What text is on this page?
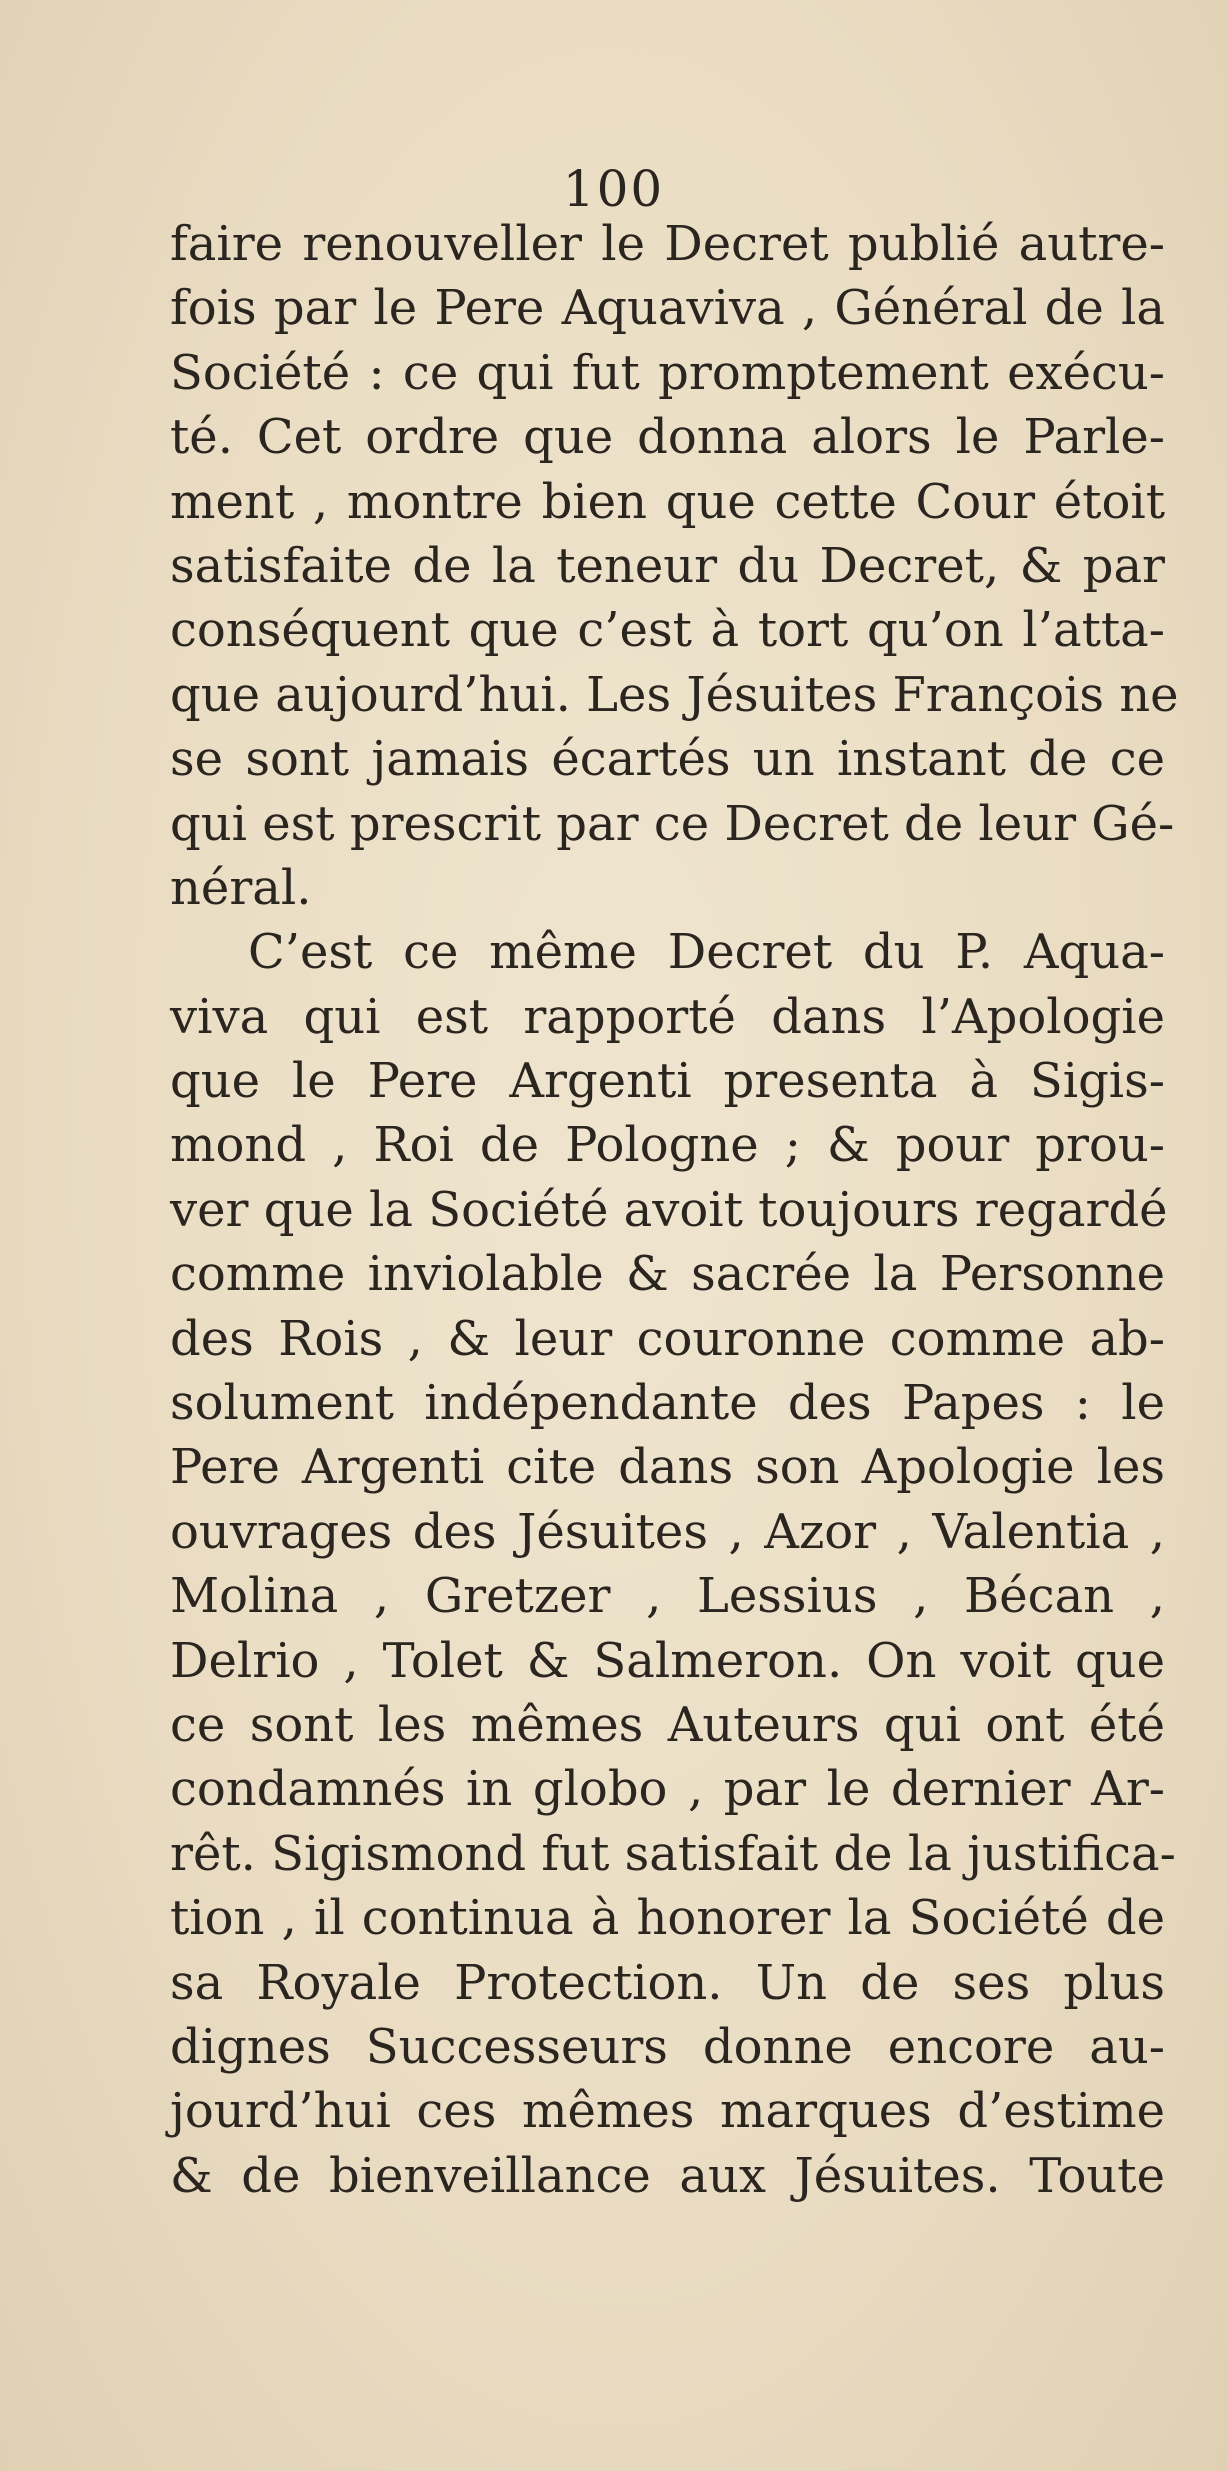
100
faire renouveller le Decret publié autre-
fois par le Pere Aquaviva , Général de la
Société : ce qui fut promptement exécu-
té. Cet ordre que donna alors le Parle-
ment , montre bien que cette Cour étoit
satisfaite de la teneur du Decret, & par
conséquent que c’est à tort qu’on l’atta-
que aujourd’hui. Les Jésuites François ne
se sont jamais écartés un instant de ce
qui est prescrit par ce Decret de leur Gé-
néral.
C’est ce même Decret du P. Aqua-
viva qui est rapporté dans l’Apologie
que le Pere Argenti presenta à Sigis-
mond , Roi de Pologne ; & pour prou-
ver que la Société avoit toujours regardé
comme inviolable & sacrée la Personne
des Rois , & leur couronne comme ab-
solument indépendante des Papes : le
Pere Argenti cite dans son Apologie les
ouvrages des Jésuites , Azor , Valentia ,
Molina , Gretzer , Lessius , Bécan ,
Delrio , Tolet & Salmeron. On voit que
ce sont les mêmes Auteurs qui ont été
condamnés in globo , par le dernier Ar-
rêt. Sigismond fut satisfait de la justifica-
tion , il continua à honorer la Société de
sa Royale Protection. Un de ses plus
dignes Successeurs donne encore au-
jourd’hui ces mêmes marques d’estime
& de bienveillance aux Jésuites. Toute
